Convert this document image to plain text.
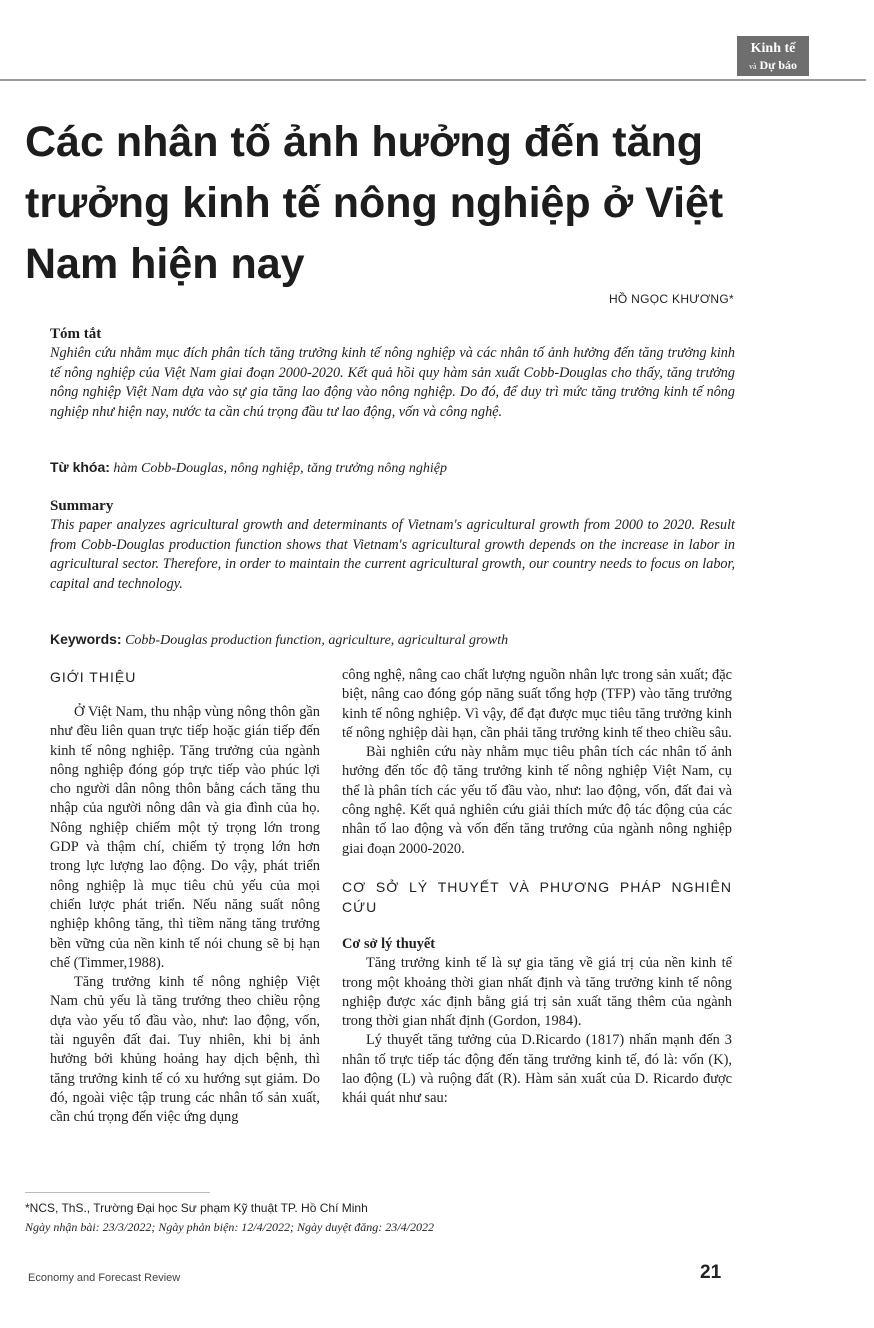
Kinh tế
và Dự báo
Các nhân tố ảnh hưởng đến tăng trưởng kinh tế nông nghiệp ở Việt Nam hiện nay
HỒ NGỌC KHƯƠNG*
Tóm tắt

Nghiên cứu nhằm mục đích phân tích tăng trưởng kinh tế nông nghiệp và các nhân tố ảnh hưởng đến tăng trưởng kinh tế nông nghiệp của Việt Nam giai đoạn 2000-2020. Kết quả hồi quy hàm sản xuất Cobb-Douglas cho thấy, tăng trưởng nông nghiệp Việt Nam dựa vào sự gia tăng lao động vào nông nghiệp. Do đó, để duy trì mức tăng trưởng kinh tế nông nghiệp như hiện nay, nước ta cần chú trọng đầu tư lao động, vốn và công nghệ.

Từ khóa: hàm Cobb-Douglas, nông nghiệp, tăng trưởng nông nghiệp
Summary

This paper analyzes agricultural growth and determinants of Vietnam's agricultural growth from 2000 to 2020. Result from Cobb-Douglas production function shows that Vietnam's agricultural growth depends on the increase in labor in agricultural sector. Therefore, in order to maintain the current agricultural growth, our country needs to focus on labor, capital and technology.

Keywords: Cobb-Douglas production function, agriculture, agricultural growth
GIỚI THIỆU

Ở Việt Nam, thu nhập vùng nông thôn gần như đều liên quan trực tiếp hoặc gián tiếp đến kinh tế nông nghiệp. Tăng trưởng của ngành nông nghiệp đóng góp trực tiếp vào phúc lợi cho người dân nông thôn bằng cách tăng thu nhập của người nông dân và gia đình của họ. Nông nghiệp chiếm một tỷ trọng lớn trong GDP và thậm chí, chiếm tỷ trọng lớn hơn trong lực lượng lao động. Do vậy, phát triển nông nghiệp là mục tiêu chủ yếu của mọi chiến lược phát triển. Nếu năng suất nông nghiệp không tăng, thì tiềm năng tăng trưởng bền vững của nền kinh tế nói chung sẽ bị hạn chế (Timmer,1988).

Tăng trưởng kinh tế nông nghiệp Việt Nam chủ yếu là tăng trưởng theo chiều rộng dựa vào yếu tố đầu vào, như: lao động, vốn, tài nguyên đất đai. Tuy nhiên, khi bị ảnh hưởng bởi khủng hoảng hay dịch bệnh, thì tăng trưởng kinh tế có xu hướng sụt giảm. Do đó, ngoài việc tập trung các nhân tố sản xuất, cần chú trọng đến việc ứng dụng

công nghệ, nâng cao chất lượng nguồn nhân lực trong sản xuất; đặc biệt, nâng cao đóng góp năng suất tổng hợp (TFP) vào tăng trưởng kinh tế nông nghiệp. Vì vậy, để đạt được mục tiêu tăng trưởng kinh tế nông nghiệp dài hạn, cần phải tăng trưởng kinh tế theo chiều sâu.

Bài nghiên cứu này nhằm mục tiêu phân tích các nhân tố ảnh hưởng đến tốc độ tăng trưởng kinh tế nông nghiệp Việt Nam, cụ thể là phân tích các yếu tố đầu vào, như: lao động, vốn, đất đai và công nghệ. Kết quả nghiên cứu giải thích mức độ tác động của các nhân tố lao động và vốn đến tăng trưởng của ngành nông nghiệp giai đoạn 2000-2020.

CƠ SỞ LÝ THUYẾT VÀ PHƯƠNG PHÁP NGHIÊN CỨU
Cơ sở lý thuyết

Tăng trưởng kinh tế là sự gia tăng về giá trị của nền kinh tế trong một khoảng thời gian nhất định và tăng trưởng kinh tế nông nghiệp được xác định bằng giá trị sản xuất tăng thêm của ngành trong thời gian nhất định (Gordon, 1984).

Lý thuyết tăng tưởng của D.Ricardo (1817) nhấn mạnh đến 3 nhân tố trực tiếp tác động đến tăng trưởng kinh tế, đó là: vốn (K), lao động (L) và ruộng đất (R). Hàm sản xuất của D. Ricardo được khái quát như sau:

*NCS, ThS., Trường Đại học Sư phạm Kỹ thuật TP. Hồ Chí Minh
Ngày nhận bài: 23/3/2022; Ngày phản biện: 12/4/2022; Ngày duyệt đăng: 23/4/2022
Economy and Forecast Review	21
